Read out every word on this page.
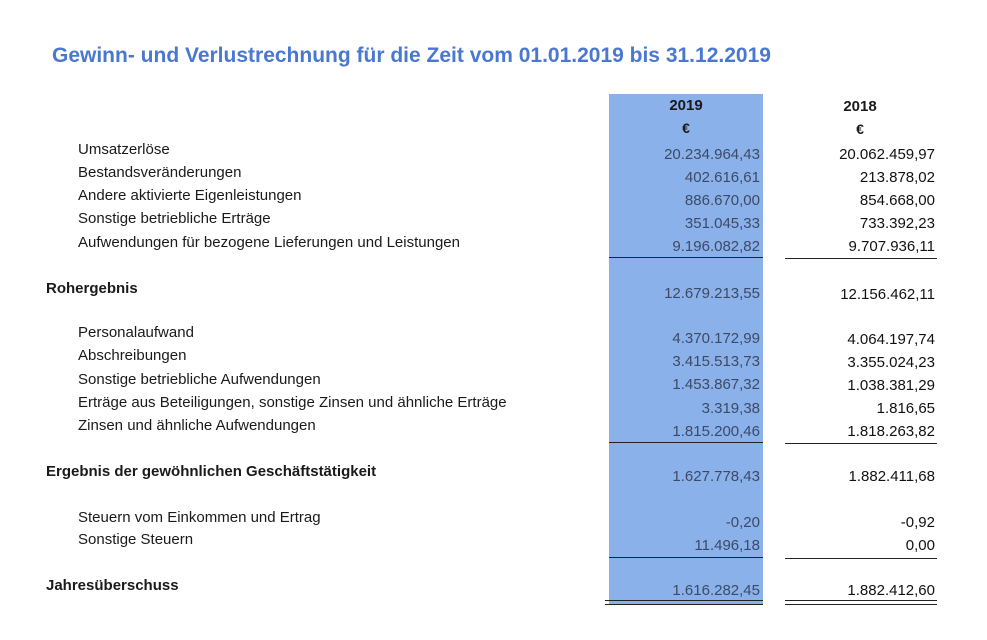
Gewinn- und Verlustrechnung für die Zeit vom 01.01.2019 bis 31.12.2019
2019
€
2018
€
Umsatzerlöse	20.234.964,43	20.062.459,97
Bestandsveränderungen	402.616,61	213.878,02
Andere aktivierte Eigenleistungen	886.670,00	854.668,00
Sonstige betriebliche Erträge	351.045,33	733.392,23
Aufwendungen für bezogene Lieferungen und Leistungen	9.196.082,82	9.707.936,11
Rohergebnis	12.679.213,55	12.156.462,11
Personalaufwand	4.370.172,99	4.064.197,74
Abschreibungen	3.415.513,73	3.355.024,23
Sonstige betriebliche Aufwendungen	1.453.867,32	1.038.381,29
Erträge aus Beteiligungen, sonstige Zinsen und ähnliche Erträge	3.319,38	1.816,65
Zinsen und ähnliche Aufwendungen	1.815.200,46	1.818.263,82
Ergebnis der gewöhnlichen Geschäftstätigkeit	1.627.778,43	1.882.411,68
Steuern vom Einkommen und Ertrag	-0,20	-0,92
Sonstige Steuern	11.496,18	0,00
Jahresüberschuss	1.616.282,45	1.882.412,60
